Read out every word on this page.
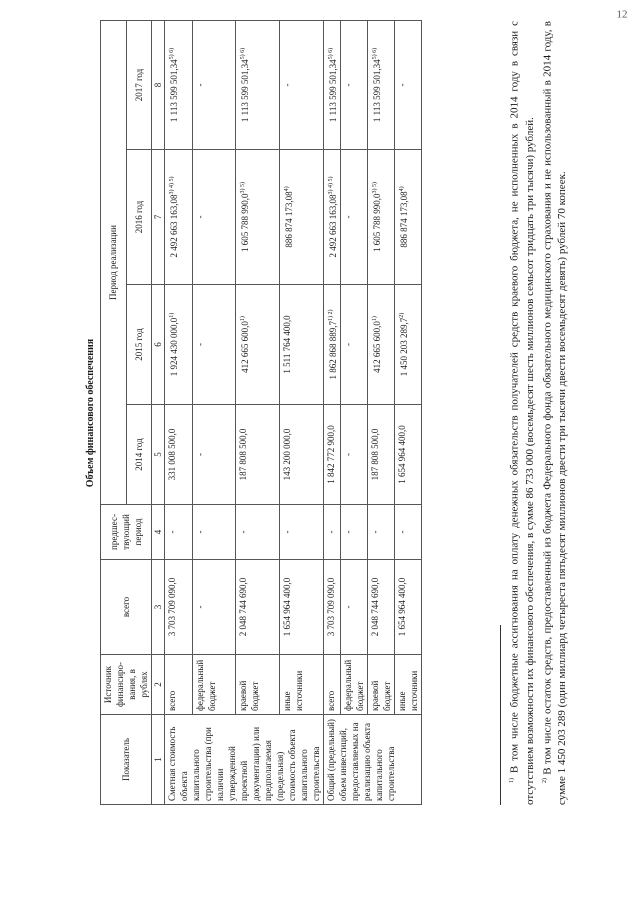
12
Объем финансового обеспечения
Показатель	Источник финансиро-вания, в рублях	всего	предшес-твующий период	Период реализации			
				2014 год	2015 год	2016 год	2017 год
1	2	3	4	5	6	7	8
Сметная стоимость объекта капитального строительства (при наличии утвержденной проектной документации) или предполагаемая (предельная) стоимость объекта капитального строительства	всего	3 703 709 090,0	-	331 008 500,0	1 924 430 000,0$^{1)}$	2 492 663 $163,08^{3) 4) 5)}$	1 113 599 $501,34^{5) 6)}$
	федеральный бюджет	-	-	-	-	-	-
	краевой бюджет	2 048 744 690,0	-	187 808 500,0	412 665 600,0$^{1)}$	1 605 788 $990,0^{3) 5)}$	1 113 599 $501,34^{5) 6)}$
	иные источники	1 654 964 400,0	-	143 200 000,0	1 511 764 400,0	886 874 173,08$^{4)}$	-
Общий (предельный) объем инвестиций, предоставляемых на реализацию объекта капитального строительства	всего	3 703 709 090,0	-	1 842 772 900,0	1 862 868 $889,7^{1) 2)}$	2 492 663 $163,08^{3) 4) 5)}$	1 113 599 $501,34^{5) 6)}$
	федеральный бюджет	-	-	-	-	-	-
	краевой бюджет	2 048 744 690,0	-	187 808 500,0	412 665 600,0$^{1)}$	1 605 788 $990,0^{3) 5)}$	1 113 599 $501,34^{5) 6)}$
	иные источники	1 654 964 400,0	-	1 654 964 400,0	1 450 203 289,7$^{2)}$	886 874 173,08$^{4)}$	-

$^{1)}$ В том числе бюджетные ассигнования на оплату денежных обязательств получателей средств краевого бюджета, не исполненных в 2014 году в связи с отсутствием возможности их финансового обеспечения, в сумме 86 733 000 (восемьдесят шесть миллионов семьсот тридцать три тысячи) рублей.	$^{2)}$ В том числе остаток средств, предоставленный из бюджета Федерального фонда обязательного медицинского страхования и не использованный в 2014 году, в сумме 1 450 203 289 (один миллиард четыреста пятьдесят миллионов двести три тысячи двести восемьдесят девять) рублей 70 копеек.
